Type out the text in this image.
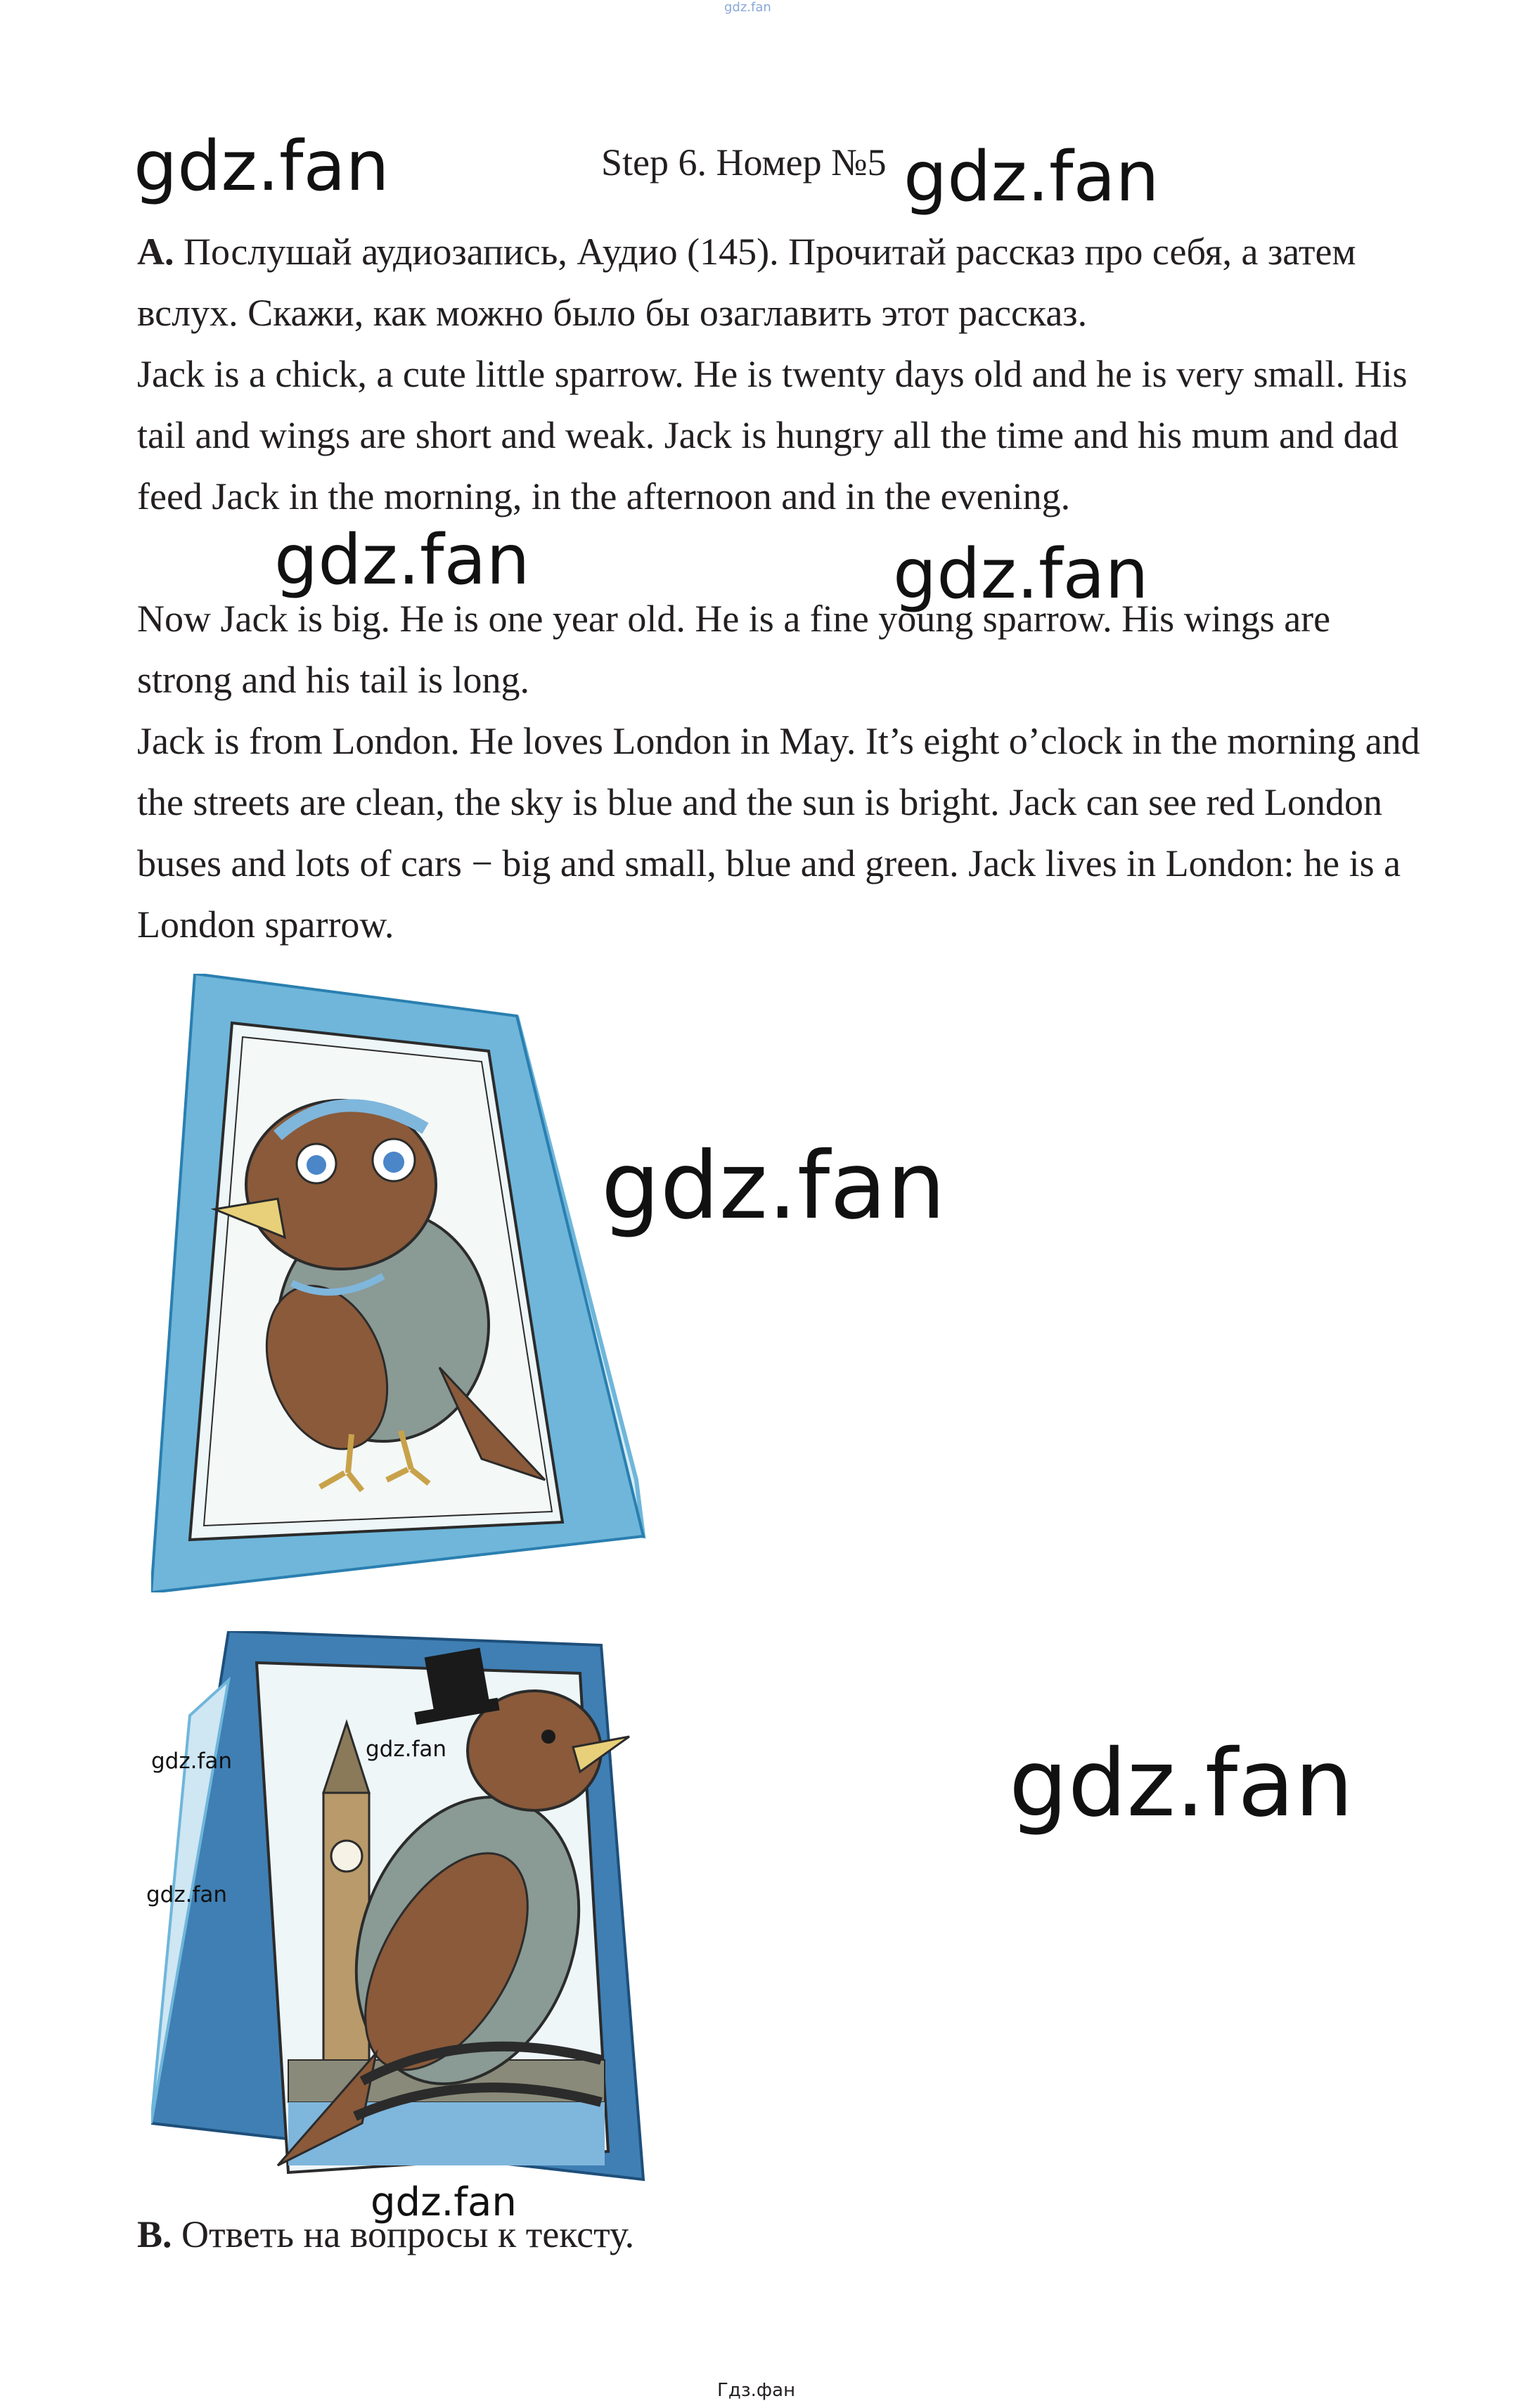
gdz.fan
Step 6. Номер №5
A. Послушай аудиозапись, Аудио (145). Прочитай рассказ про себя, а затем вслух. Скажи, как можно было бы озаглавить этот рассказ.
Jack is a chick, a cute little sparrow. He is twenty days old and he is very small. His tail and wings are short and weak. Jack is hungry all the time and his mum and dad feed Jack in the morning, in the afternoon and in the evening.
Now Jack is big. He is one year old. He is a fine young sparrow. His wings are strong and his tail is long.
Jack is from London. He loves London in May. It’s eight o’clock in the morning and the streets are clean, the sky is blue and the sun is bright. Jack can see red London buses and lots of cars − big and small, blue and green. Jack lives in London: he is a London sparrow.
gdz.fan	gdz.fan
gdz.fan	gdz.fan
gdz.fan
gdz.fan
gdz.fan	gdz.fan
gdz.fan
gdz.fan
B. Ответь на вопросы к тексту.
Гдз.фан
